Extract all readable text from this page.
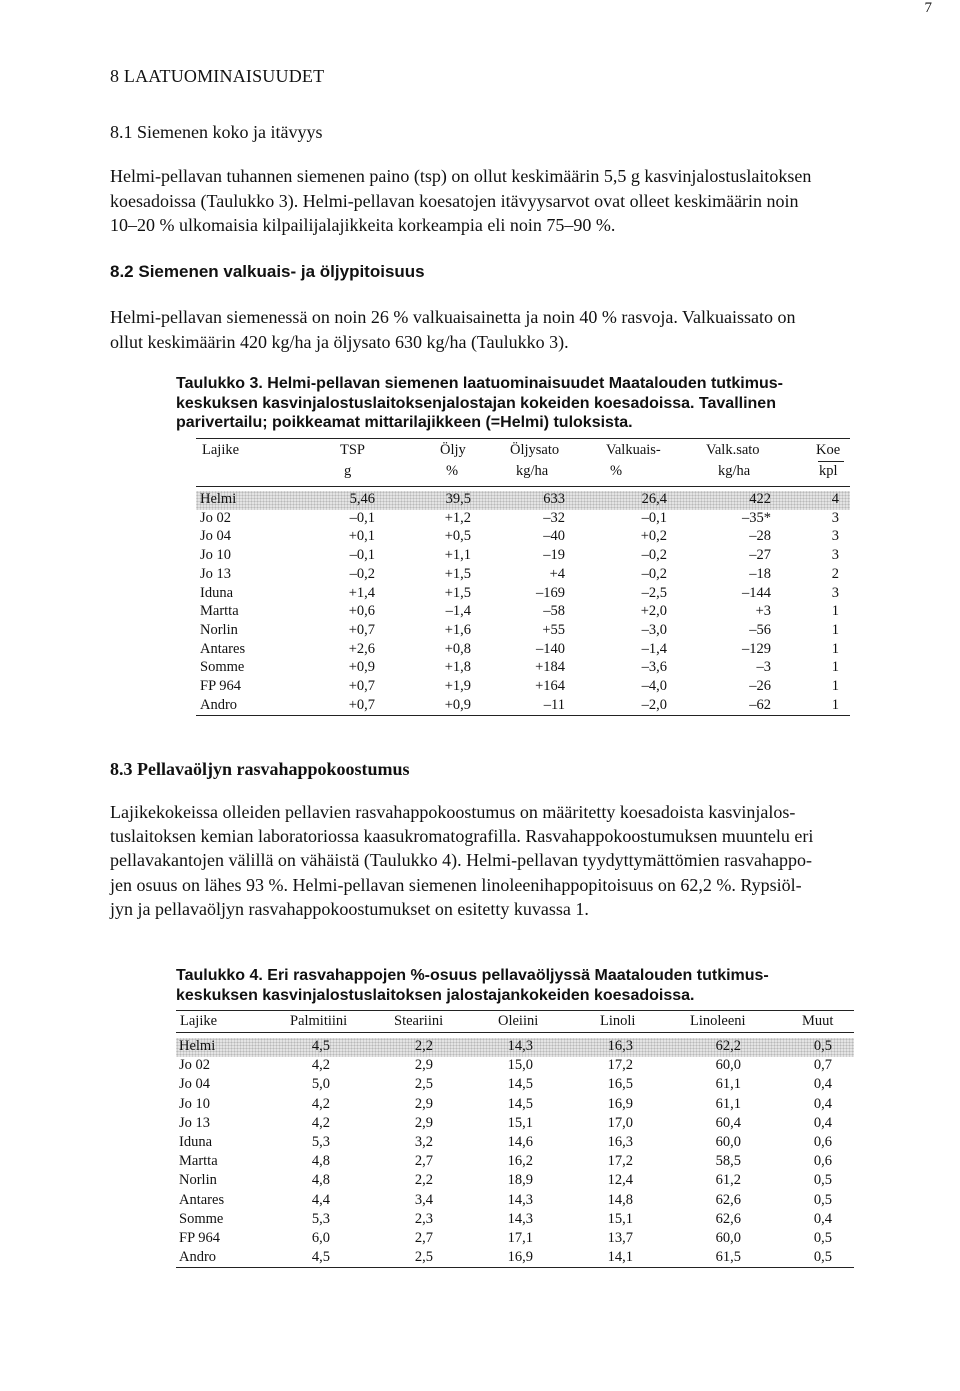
7
8 LAATUOMINAISUUDET
8.1 Siemenen koko ja itävyys
Helmi-pellavan tuhannen siemenen paino (tsp) on ollut keskimäärin 5,5 g kasvinjalostuslaitoksen
koesadoissa (Taulukko 3). Helmi-pellavan koesatojen itävyysarvot ovat olleet keskimäärin noin
10–20 % ulkomaisia kilpailijalajikkeita korkeampia eli noin 75–90 %.
8.2 Siemenen valkuais- ja öljypitoisuus
Helmi-pellavan siemenessä on noin 26 % valkuaisainetta ja noin 40 % rasvoja. Valkuaissato on
ollut keskimäärin 420 kg/ha ja öljysato 630 kg/ha (Taulukko 3).
Taulukko 3. Helmi-pellavan siemenen laatuominaisuudet Maatalouden tutkimus-
keskuksen kasvinjalostuslaitoksenjalostajan kokeiden koesadoissa. Tavallinen
parivertailu; poikkeamat mittarilajikkeen (=Helmi) tuloksista.
Lajike	TSP	Öljy	Öljysato	Valkuais-	Valk.sato	Koe
g	%	kg/ha	%	kg/ha	kpl
Helmi	5,46	39,5	633	26,4	422	4
Jo 02	–0,1	+1,2	–32	–0,1	–35*	3
Jo 04	+0,1	+0,5	–40	+0,2	–28	3
Jo 10	–0,1	+1,1	–19	–0,2	–27	3
Jo 13	–0,2	+1,5	+4	–0,2	–18	2
Iduna	+1,4	+1,5	–169	–2,5	–144	3
Martta	+0,6	–1,4	–58	+2,0	+3	1
Norlin	+0,7	+1,6	+55	–3,0	–56	1
Antares	+2,6	+0,8	–140	–1,4	–129	1
Somme	+0,9	+1,8	+184	–3,6	–3	1
FP 964	+0,7	+1,9	+164	–4,0	–26	1
Andro	+0,7	+0,9	–11	–2,0	–62	1
8.3 Pellavaöljyn rasvahappokoostumus
Lajikekokeissa olleiden pellavien rasvahappokoostumus on määritetty koesadoista kasvinjalos-
tuslaitoksen kemian laboratoriossa kaasukromatografilla. Rasvahappokoostumuksen muuntelu eri
pellavakantojen välillä on vähäistä (Taulukko 4). Helmi-pellavan tyydyttymättömien rasvahappo-
jen osuus on lähes 93 %. Helmi-pellavan siemenen linoleenihappopitoisuus on 62,2 %. Rypsiöl-
jyn ja pellavaöljyn rasvahappokoostumukset on esitetty kuvassa 1.
Taulukko 4. Eri rasvahappojen %-osuus pellavaöljyssä Maatalouden tutkimus-
keskuksen kasvinjalostuslaitoksen jalostajankokeiden koesadoissa.
Lajike	Palmitiini	Steariini	Oleiini	Linoli	Linoleeni	Muut
Helmi	4,5	2,2	14,3	16,3	62,2	0,5
Jo 02	4,2	2,9	15,0	17,2	60,0	0,7
Jo 04	5,0	2,5	14,5	16,5	61,1	0,4
Jo 10	4,2	2,9	14,5	16,9	61,1	0,4
Jo 13	4,2	2,9	15,1	17,0	60,4	0,4
Iduna	5,3	3,2	14,6	16,3	60,0	0,6
Martta	4,8	2,7	16,2	17,2	58,5	0,6
Norlin	4,8	2,2	18,9	12,4	61,2	0,5
Antares	4,4	3,4	14,3	14,8	62,6	0,5
Somme	5,3	2,3	14,3	15,1	62,6	0,4
FP 964	6,0	2,7	17,1	13,7	60,0	0,5
Andro	4,5	2,5	16,9	14,1	61,5	0,5
